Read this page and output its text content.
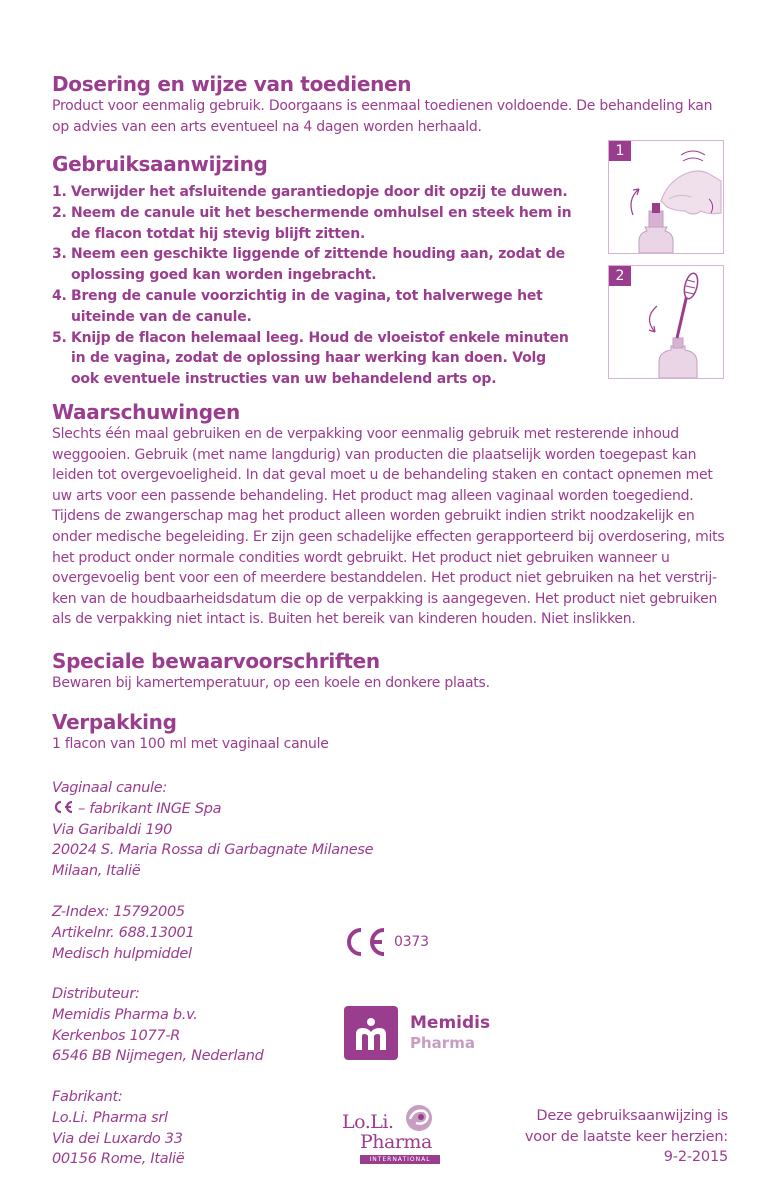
Dosering en wijze van toedienen

Product voor eenmalig gebruik. Doorgaans is eenmaal toedienen voldoende. De behandeling kan op advies van een arts eventueel na 4 dagen worden herhaald.

Gebruiksaanwijzing
1. Verwijder het afsluitende garantiedopje door dit opzij te duwen.
2. Neem de canule uit het beschermende omhulsel en steek hem in de flacon totdat hij stevig blijft zitten.
3. Neem een geschikte liggende of zittende houding aan, zodat de oplossing goed kan worden ingebracht.
4. Breng de canule voorzichtig in de vagina, tot halverwege het uiteinde van de canule.
5. Knijp de flacon helemaal leeg. Houd de vloeistof enkele minuten in de vagina, zodat de oplossing haar werking kan doen. Volg ook eventuele instructies van uw behandelend arts op.
1
2
Waarschuwingen

Slechts één maal gebruiken en de verpakking voor eenmalig gebruik met resterende inhoud weggooien. Gebruik (met name langdurig) van producten die plaatselijk worden toegepast kan leiden tot overgevoeligheid. In dat geval moet u de behandeling staken en contact opnemen met uw arts voor een passende behandeling. Het product mag alleen vaginaal worden toegediend. Tijdens de zwangerschap mag het product alleen worden gebruikt indien strikt noodzakelijk en onder medische begeleiding. Er zijn geen schadelijke effecten gerapporteerd bij overdosering, mits het product onder normale condities wordt gebruikt. Het product niet gebruiken wanneer u overgevoelig bent voor een of meerdere bestanddelen. Het product niet gebruiken na het verstrij-ken van de houdbaarheidsdatum die op de verpakking is aangegeven. Het product niet gebruiken als de verpakking niet intact is. Buiten het bereik van kinderen houden. Niet inslikken.

Speciale bewaarvoorschriften

Bewaren bij kamertemperatuur, op een koele en donkere plaats.

Verpakking

1 flacon van 100 ml met vaginaal canule

Vaginaal canule:
– fabrikant INGE Spa
Via Garibaldi 190
20024 S. Maria Rossa di Garbagnate Milanese
Milaan, Italië
Z-Index: 15792005
Artikelnr. 688.13001
Medisch hulpmiddel
0373
Distributeur:
Memidis Pharma b.v.
Kerkenbos 1077-R
6546 BB Nijmegen, Nederland
Memidis
Pharma
Fabrikant:
Lo.Li. Pharma srl
Via dei Luxardo 33
00156 Rome, Italië
Lo.Li.
Pharma
INTERNATIONAL
Deze gebruiksaanwijzing is
voor de laatste keer herzien:
9-2-2015
